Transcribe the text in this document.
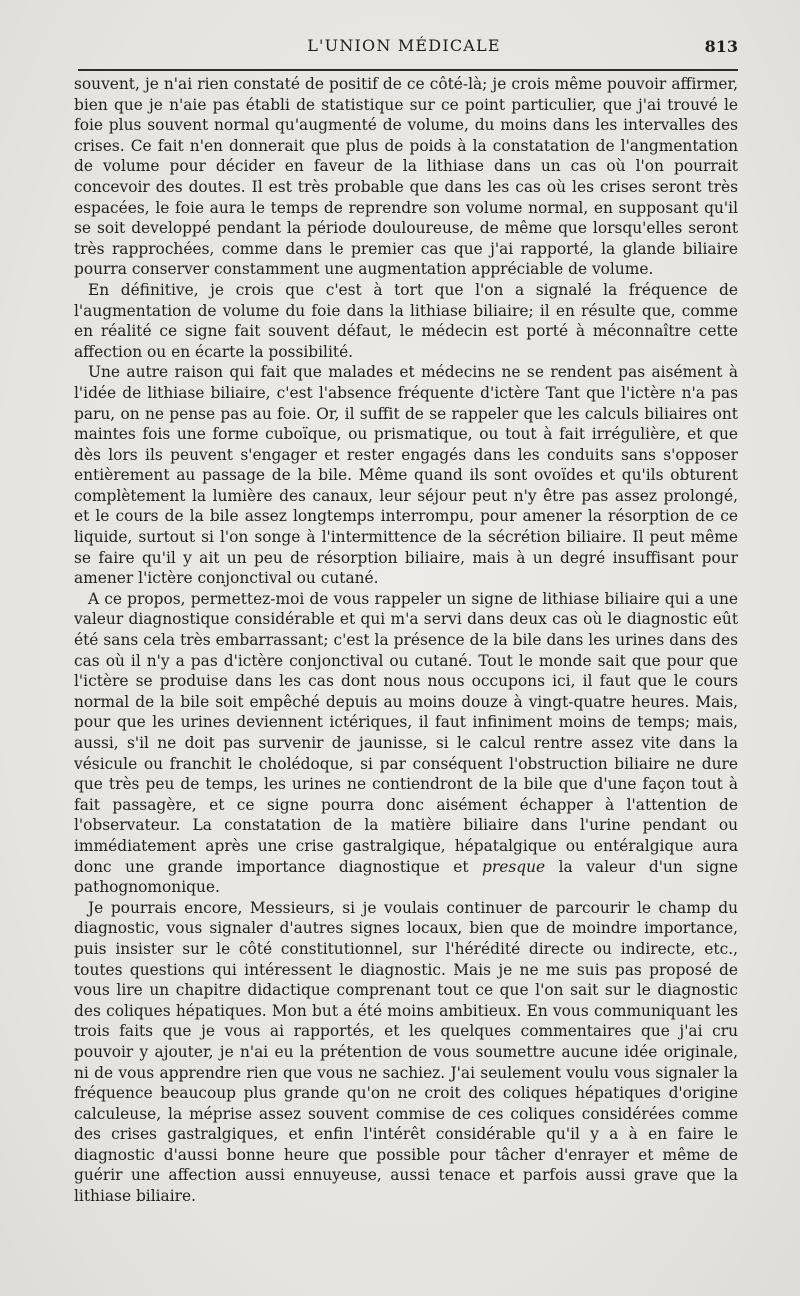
L'UNION MÉDICALE	813

souvent, je n'ai rien constaté de positif de ce côté-là; je crois même pouvoir affirmer, bien que je n'aie pas établi de statistique sur ce point particulier, que j'ai trouvé le foie plus souvent normal qu'augmenté de volume, du moins dans les intervalles des crises. Ce fait n'en donnerait que plus de poids à la constatation de l'angmentation de volume pour décider en faveur de la lithiase dans un cas où l'on pourrait concevoir des doutes. Il est très probable que dans les cas où les crises seront très espacées, le foie aura le temps de reprendre son volume normal, en supposant qu'il se soit developpé pendant la période douloureuse, de même que lorsqu'elles seront très rapprochées, comme dans le premier cas que j'ai rapporté, la glande biliaire pourra conserver constamment une augmentation appréciable de volume.

En définitive, je crois que c'est à tort que l'on a signalé la fréquence de l'augmentation de volume du foie dans la lithiase biliaire; il en résulte que, comme en réalité ce signe fait souvent défaut, le médecin est porté à méconnaître cette affection ou en écarte la possibilité.

Une autre raison qui fait que malades et médecins ne se rendent pas aisément à l'idée de lithiase biliaire, c'est l'absence fréquente d'ictère Tant que l'ictère n'a pas paru, on ne pense pas au foie. Or, il suffit de se rappeler que les calculs biliaires ont maintes fois une forme cuboïque, ou prismatique, ou tout à fait irrégulière, et que dès lors ils peuvent s'engager et rester engagés dans les conduits sans s'opposer entièrement au passage de la bile. Même quand ils sont ovoïdes et qu'ils obturent complètement la lumière des canaux, leur séjour peut n'y être pas assez prolongé, et le cours de la bile assez longtemps interrompu, pour amener la résorption de ce liquide, surtout si l'on songe à l'intermittence de la sécrétion biliaire. Il peut même se faire qu'il y ait un peu de résorption biliaire, mais à un degré insuffisant pour amener l'ictère conjonctival ou cutané.

A ce propos, permettez-moi de vous rappeler un signe de lithiase biliaire qui a une valeur diagnostique considérable et qui m'a servi dans deux cas où le diagnostic eût été sans cela très embarrassant; c'est la présence de la bile dans les urines dans des cas où il n'y a pas d'ictère conjonctival ou cutané. Tout le monde sait que pour que l'ictère se produise dans les cas dont nous nous occupons ici, il faut que le cours normal de la bile soit empêché depuis au moins douze à vingt-quatre heures. Mais, pour que les urines deviennent ictériques, il faut infiniment moins de temps; mais, aussi, s'il ne doit pas survenir de jaunisse, si le calcul rentre assez vite dans la vésicule ou franchit le cholédoque, si par conséquent l'obstruction biliaire ne dure que très peu de temps, les urines ne contiendront de la bile que d'une façon tout à fait passagère, et ce signe pourra donc aisément échapper à l'attention de l'observateur. La constatation de la matière biliaire dans l'urine pendant ou immédiatement après une crise gastralgique, hépatalgique ou entéralgique aura donc une grande importance diagnostique et presque la valeur d'un signe pathognomonique.

Je pourrais encore, Messieurs, si je voulais continuer de parcourir le champ du diagnostic, vous signaler d'autres signes locaux, bien que de moindre importance, puis insister sur le côté constitutionnel, sur l'hérédité directe ou indirecte, etc., toutes questions qui intéressent le diagnostic. Mais je ne me suis pas proposé de vous lire un chapitre didactique comprenant tout ce que l'on sait sur le diagnostic des coliques hépatiques. Mon but a été moins ambitieux. En vous communiquant les trois faits que je vous ai rapportés, et les quelques commentaires que j'ai cru pouvoir y ajouter, je n'ai eu la prétention de vous soumettre aucune idée originale, ni de vous apprendre rien que vous ne sachiez. J'ai seulement voulu vous signaler la fréquence beaucoup plus grande qu'on ne croit des coliques hépatiques d'origine calculeuse, la méprise assez souvent commise de ces coliques considérées comme des crises gastralgiques, et enfin l'intérêt considérable qu'il y a à en faire le diagnostic d'aussi bonne heure que possible pour tâcher d'enrayer et même de guérir une affection aussi ennuyeuse, aussi tenace et parfois aussi grave que la lithiase biliaire.
